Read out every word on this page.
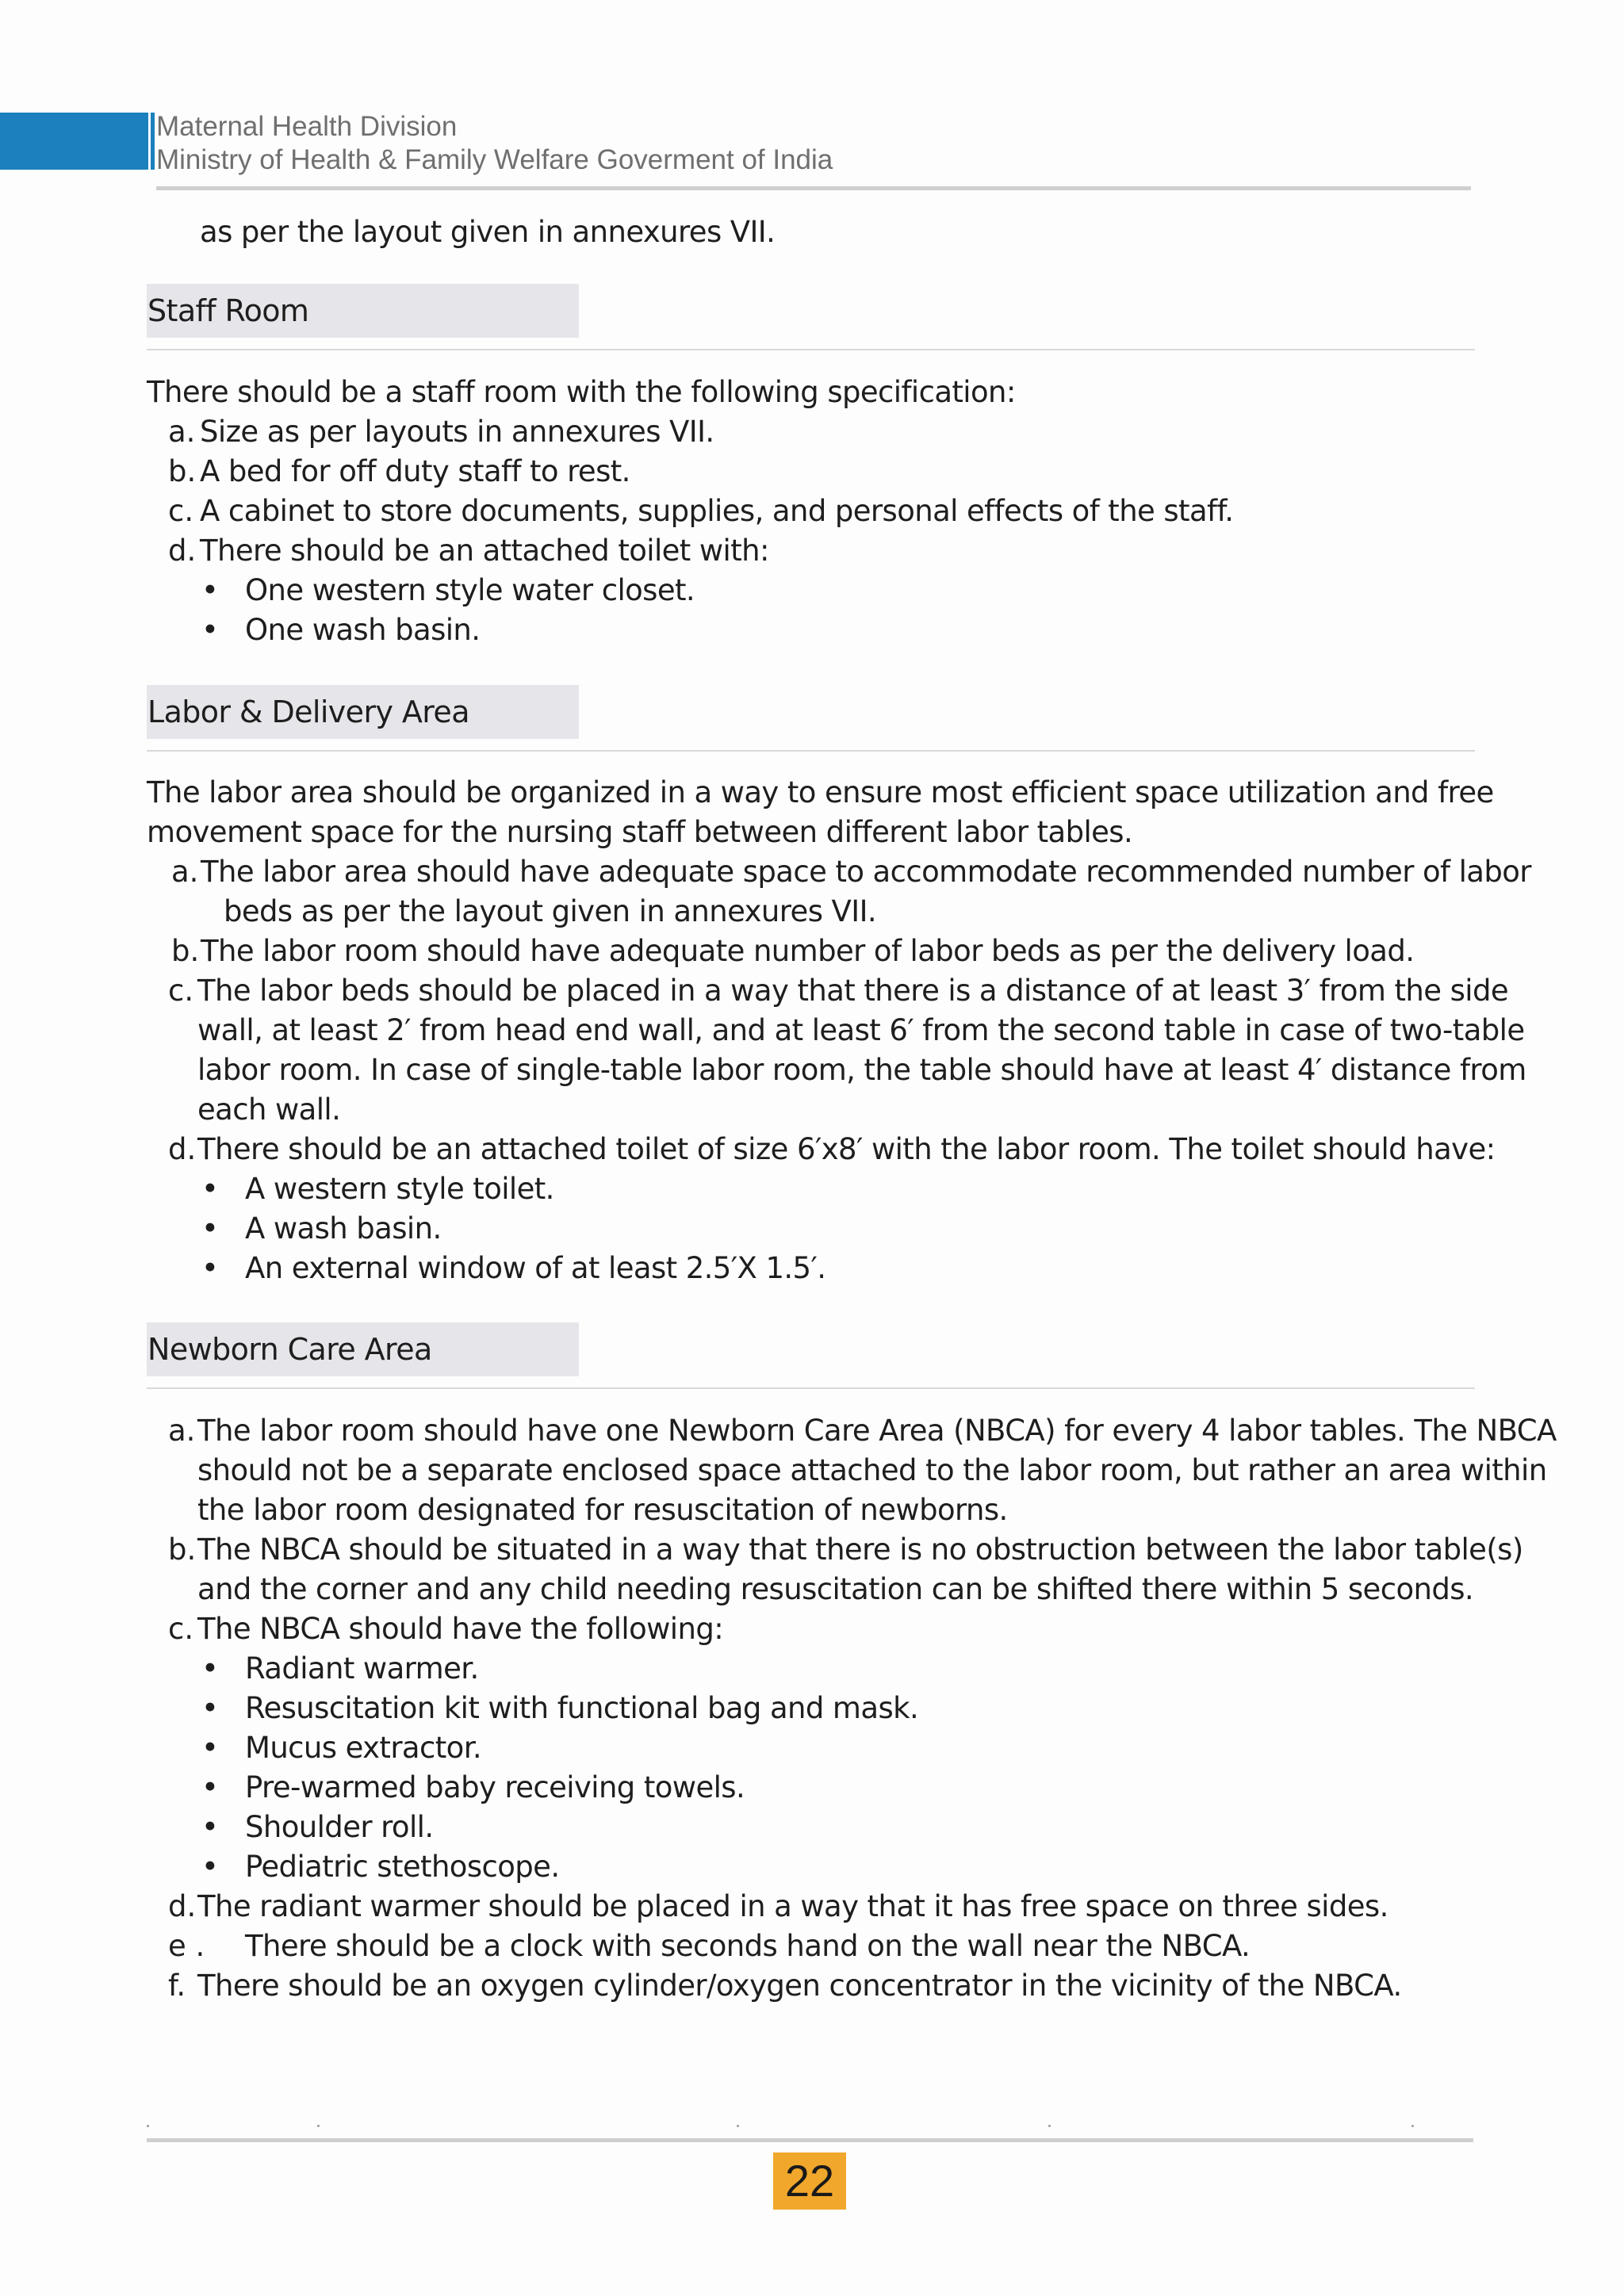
Maternal Health Division
Ministry of Health & Family Welfare Goverment of India
as per the layout given in annexures VII.
Staff Room
There should be a staff room with the following specification:
a. Size as per layouts in annexures VII.
b. A bed for off duty staff to rest.
c. A cabinet to store documents, supplies, and personal effects of the staff.
d. There should be an attached toilet with:
• One western style water closet.
• One wash basin.
Labor & Delivery Area
The labor area should be organized in a way to ensure most efficient space utilization and free
movement space for the nursing staff between different labor tables.
a. The labor area should have adequate space to accommodate recommended number of labor
beds as per the layout given in annexures VII.
b. The labor room should have adequate number of labor beds as per the delivery load.
c. The labor beds should be placed in a way that there is a distance of at least 3′ from the side
wall, at least 2′ from head end wall, and at least 6′ from the second table in case of two-table
labor room. In case of single-table labor room, the table should have at least 4′ distance from
each wall.
d. There should be an attached toilet of size 6′x8′ with the labor room. The toilet should have:
• A western style toilet.
• A wash basin.
• An external window of at least 2.5′X 1.5′.
Newborn Care Area
a. The labor room should have one Newborn Care Area (NBCA) for every 4 labor tables. The NBCA
should not be a separate enclosed space attached to the labor room, but rather an area within
the labor room designated for resuscitation of newborns.
b. The NBCA should be situated in a way that there is no obstruction between the labor table(s)
and the corner and any child needing resuscitation can be shifted there within 5 seconds.
c. The NBCA should have the following:
• Radiant warmer.
• Resuscitation kit with functional bag and mask.
• Mucus extractor.
• Pre-warmed baby receiving towels.
• Shoulder roll.
• Pediatric stethoscope.
d. The radiant warmer should be placed in a way that it has free space on three sides.
e . There should be a clock with seconds hand on the wall near the NBCA.
f. There should be an oxygen cylinder/oxygen concentrator in the vicinity of the NBCA.
22
